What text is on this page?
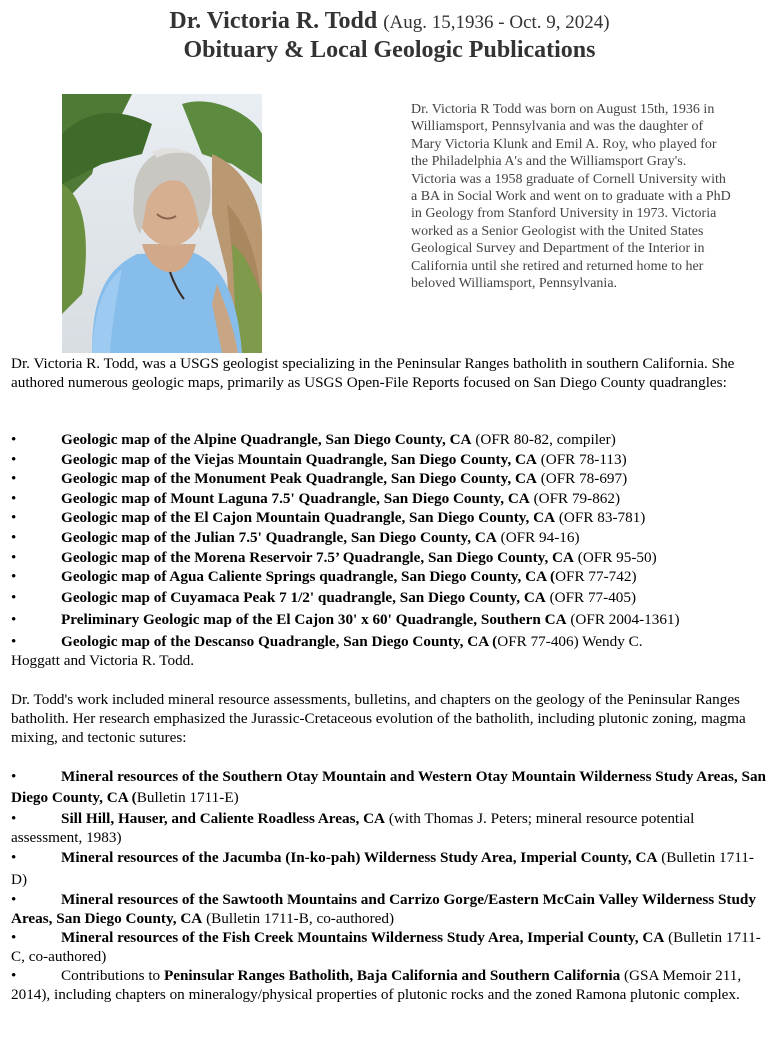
Dr. Victoria R. Todd (Aug. 15,1936 - Oct. 9, 2024)
Obituary & Local Geologic Publications
Dr. Victoria R Todd was born on August 15th, 1936 in Williamsport, Pennsylvania and was the daughter of Mary Victoria Klunk and Emil A. Roy, who played for the Philadelphia A's and the Williamsport Gray's. Victoria was a 1958 graduate of Cornell University with a BA in Social Work and went on to graduate with a PhD in Geology from Stanford University in 1973. Victoria worked as a Senior Geologist with the United States Geological Survey and Department of the Interior in California until she retired and returned home to her beloved Williamsport, Pennsylvania.
Dr. Victoria R. Todd, was a USGS geologist specializing in the Peninsular Ranges batholith in southern California. She authored numerous geologic maps, primarily as USGS Open-File Reports focused on San Diego County quadrangles:
•	Geologic map of the Alpine Quadrangle, San Diego County, CA (OFR 80-82, compiler)
•	Geologic map of the Viejas Mountain Quadrangle, San Diego County, CA (OFR 78-113)
•	Geologic map of the Monument Peak Quadrangle, San Diego County, CA (OFR 78-697)
•	Geologic map of Mount Laguna 7.5' Quadrangle, San Diego County, CA (OFR 79-862)
•	Geologic map of the El Cajon Mountain Quadrangle, San Diego County, CA (OFR 83-781)
•	Geologic map of the Julian 7.5' Quadrangle, San Diego County, CA (OFR 94-16)
•	Geologic map of the Morena Reservoir 7.5’ Quadrangle, San Diego County, CA (OFR 95-50)
•	Geologic map of Agua Caliente Springs quadrangle, San Diego County, CA (OFR 77-742)
•	Geologic map of Cuyamaca Peak 7 1/2' quadrangle, San Diego County, CA (OFR 77-405)
•	Preliminary Geologic map of the El Cajon 30' x 60' Quadrangle, Southern CA (OFR 2004-1361)
•	Geologic map of the Descanso Quadrangle, San Diego County, CA (OFR 77-406) Wendy C.
Hoggatt and Victoria R. Todd.
Dr. Todd's work included mineral resource assessments, bulletins, and chapters on the geology of the Peninsular Ranges batholith. Her research emphasized the Jurassic-Cretaceous evolution of the batholith, including plutonic zoning, magma mixing, and tectonic sutures:
•	Mineral resources of the Southern Otay Mountain and Western Otay Mountain Wilderness Study Areas, San Diego County, CA (Bulletin 1711-E)
•	Sill Hill, Hauser, and Caliente Roadless Areas, CA (with Thomas J. Peters; mineral resource potential assessment, 1983)
•	Mineral resources of the Jacumba (In-ko-pah) Wilderness Study Area, Imperial County, CA (Bulletin 1711-D)
•	Mineral resources of the Sawtooth Mountains and Carrizo Gorge/Eastern McCain Valley Wilderness Study Areas, San Diego County, CA (Bulletin 1711-B, co-authored)
•	Mineral resources of the Fish Creek Mountains Wilderness Study Area, Imperial County, CA (Bulletin 1711-C, co-authored)
•	Contributions to Peninsular Ranges Batholith, Baja California and Southern California (GSA Memoir 211, 2014), including chapters on mineralogy/physical properties of plutonic rocks and the zoned Ramona plutonic complex.
